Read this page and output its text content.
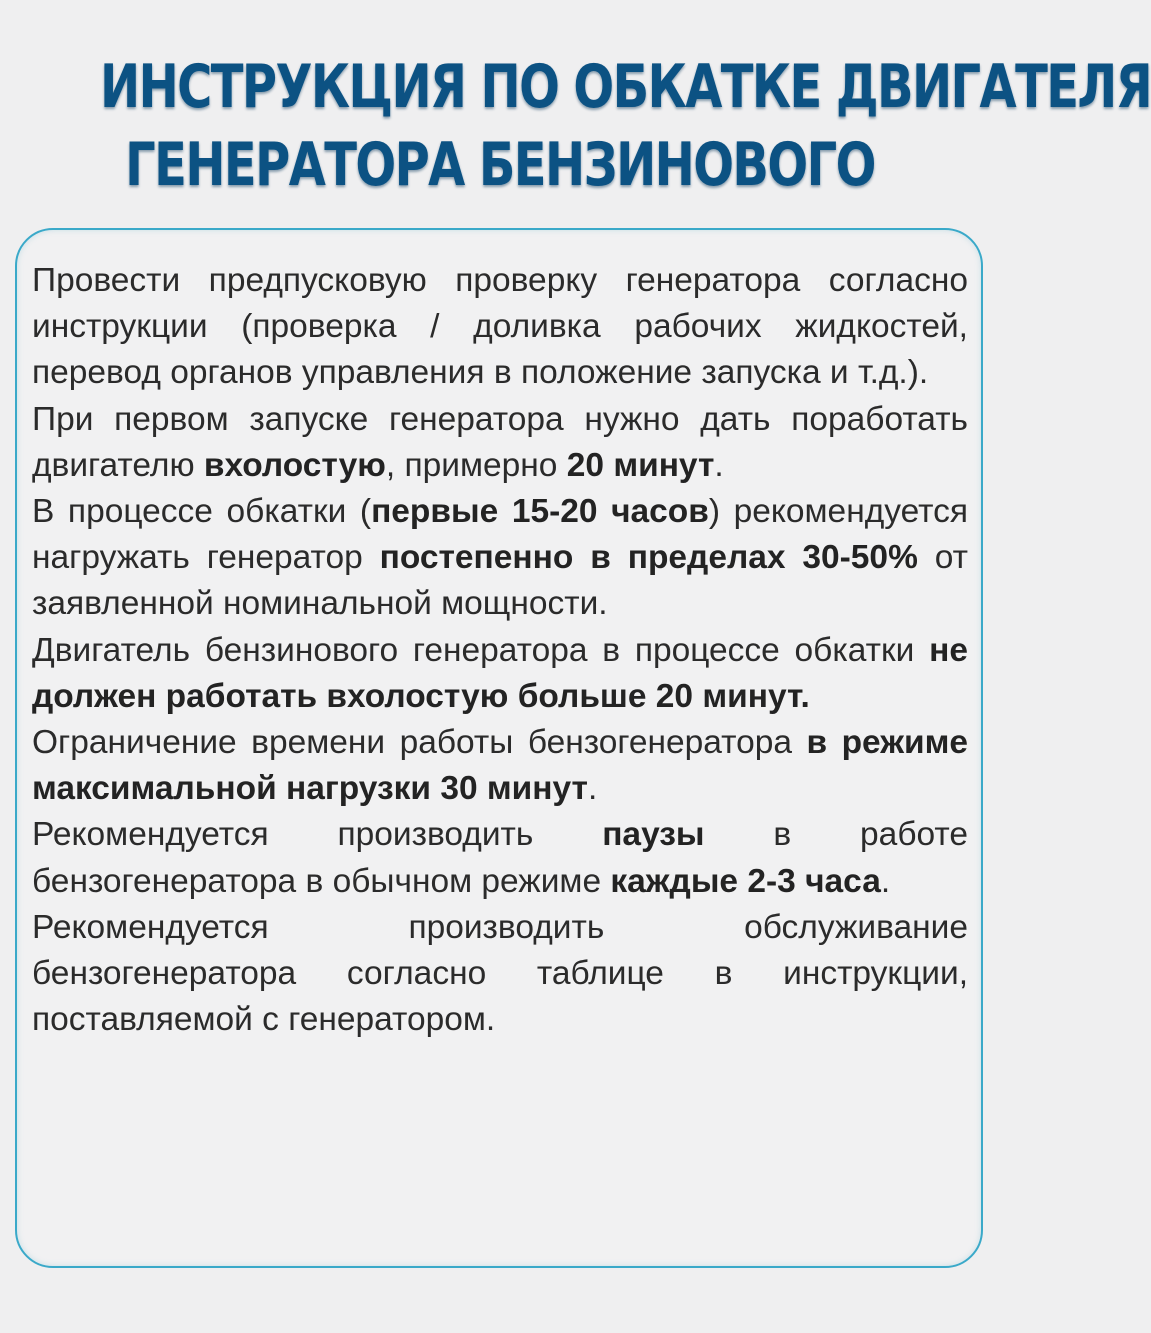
ИНСТРУКЦИЯ ПО ОБКАТКЕ ДВИГАТЕЛЯ
ГЕНЕРАТОРА БЕНЗИНОВОГО

Провести предпусковую проверку генератора согласно инструкции (проверка / доливка рабочих жидкостей, перевод органов управления в положение запуска и т.д.).

При первом запуске генератора нужно дать поработать двигателю вхолостую, примерно 20 минут.

В процессе обкатки (первые 15-20 часов) рекомендуется нагружать генератор постепенно в пределах 30-50% от заявленной номинальной мощности.

Двигатель бензинового генератора в процессе обкатки не должен работать вхолостую больше 20 минут.

Ограничение времени работы бензогенератора в режиме максимальной нагрузки 30 минут.

Рекомендуется производить паузы в работе бензогенератора в обычном режиме каждые 2-3 часа.

Рекомендуется производить обслуживание бензогенератора согласно таблице в инструкции, поставляемой с генератором.
